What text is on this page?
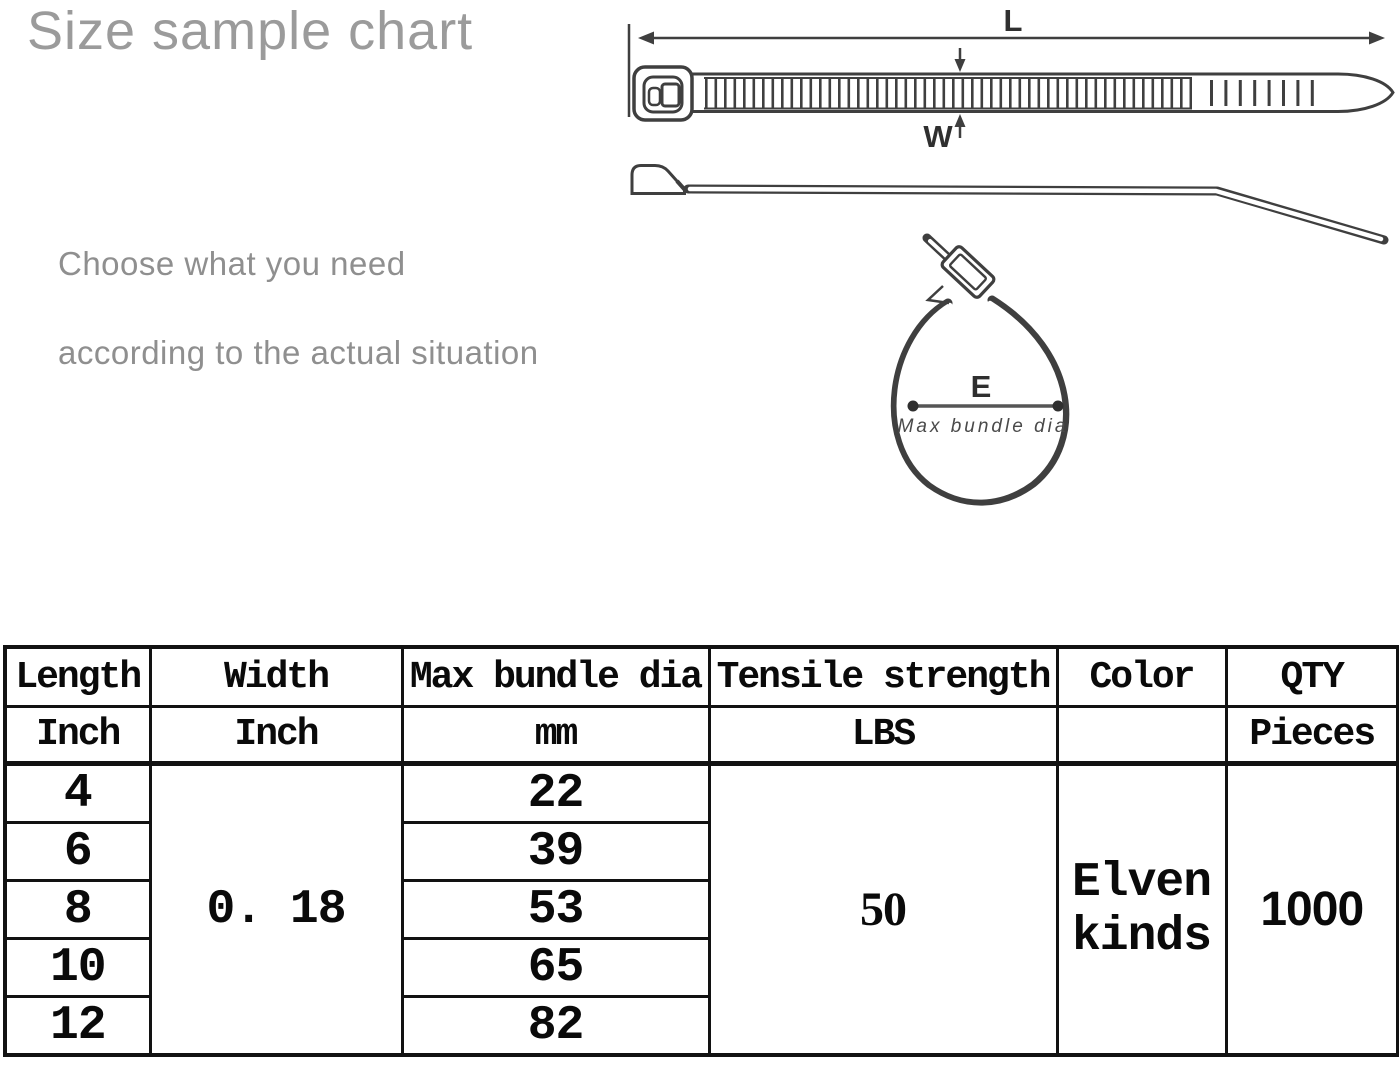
Size sample chart

Choose what you need

according to the actual situation

L
W
E
Max bundle dia
Length	Width	Max bundle dia	Tensile strength	Color	QTY
Inch	Inch	mm	LBS		Pieces
4	0. 18	22	50	Elven kinds	1000
6		39			
8		53			
10		65			
12		82			
